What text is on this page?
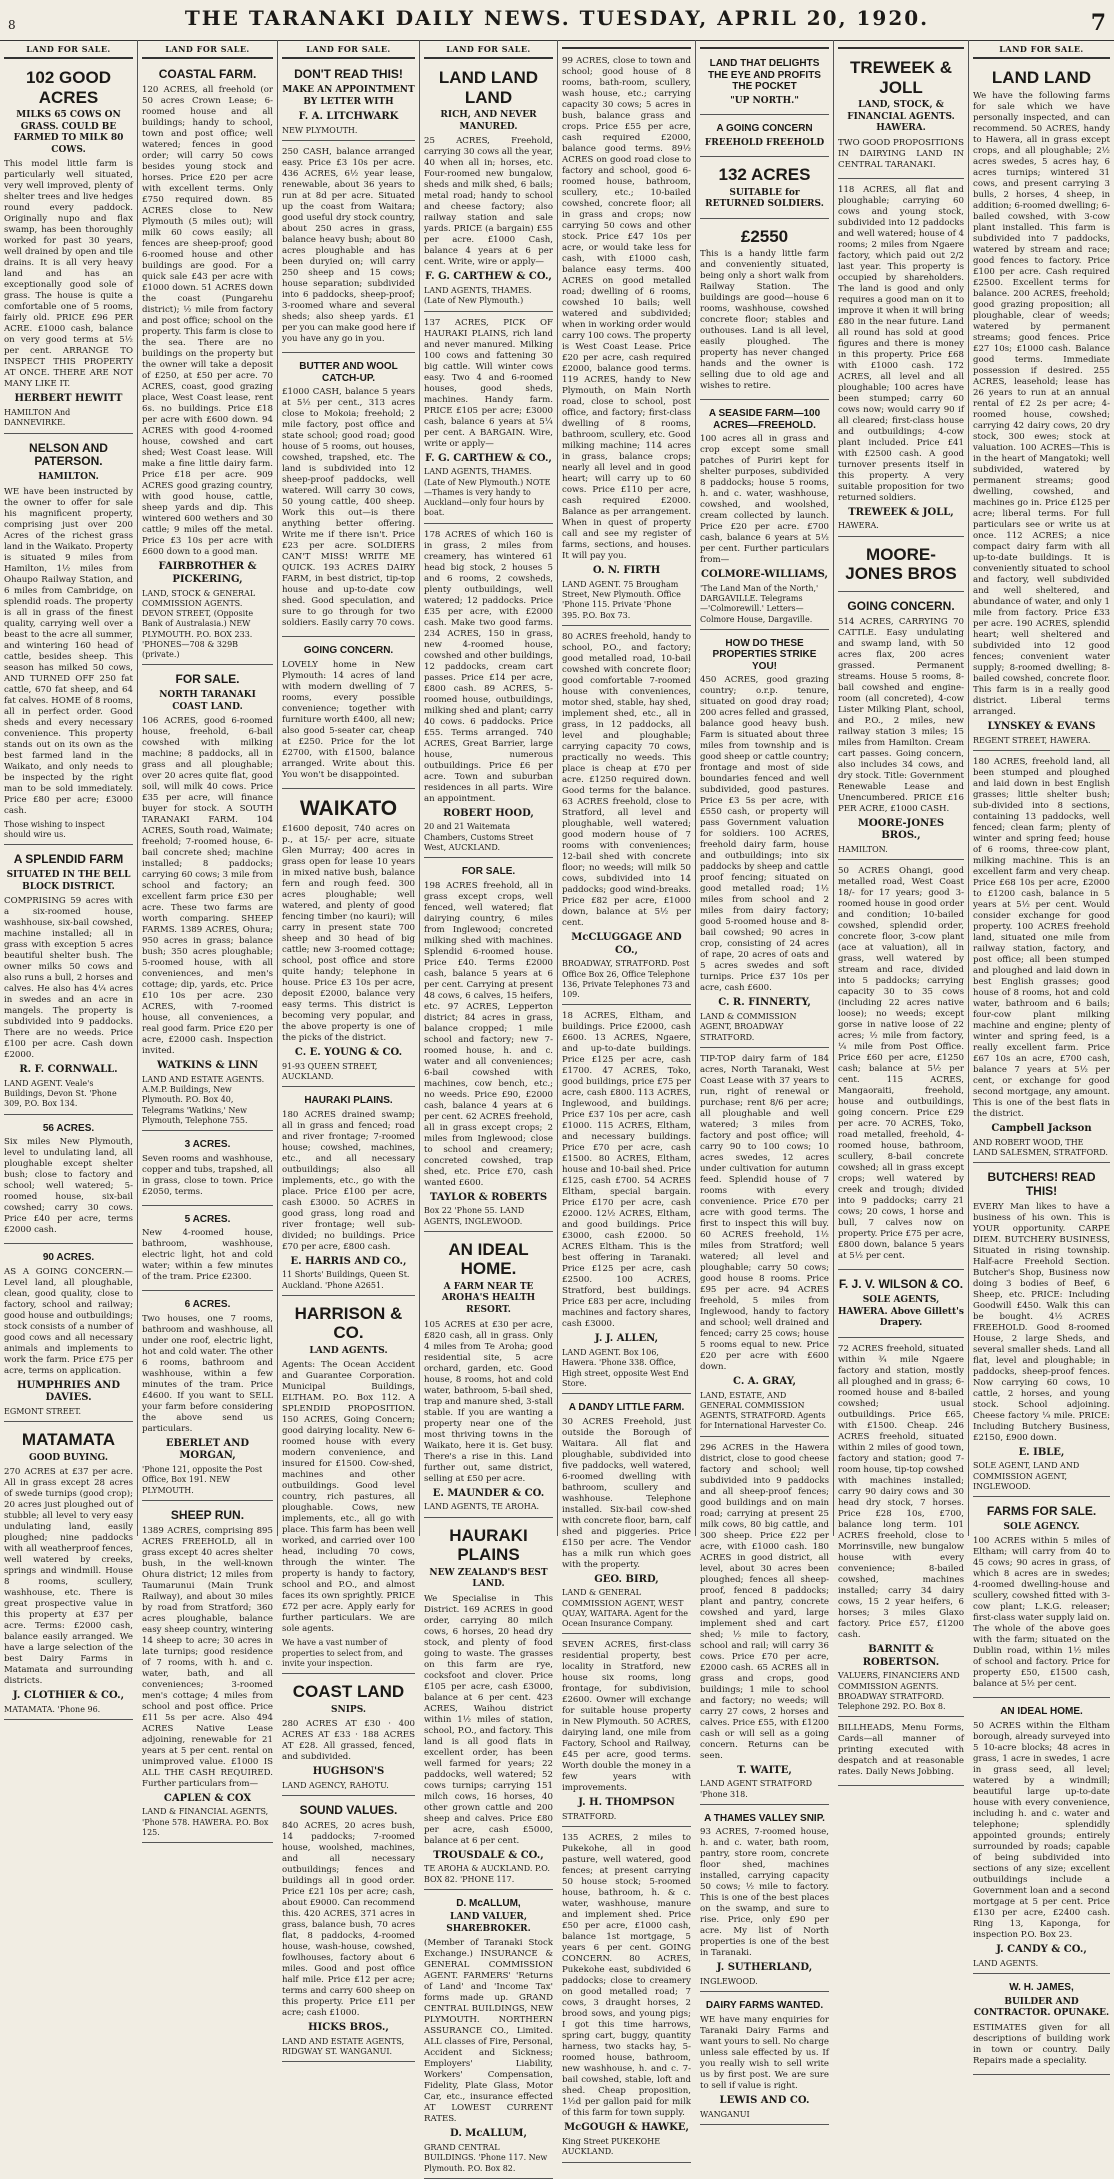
8	THE TARANAKI DAILY NEWS. TUESDAY, APRIL 20, 1920.	7
LAND FOR SALE.
102 GOOD ACRES
MILKS 65 COWS ON GRASS. COULD BE FARMED TO MILK 80 COWS.
This model little farm is particularly well situated, very well improved, plenty of shelter trees and live hedges round every paddock. Originally nupo and flax swamp, has been thoroughly worked for past 30 years, well drained by open and tile drains. It is all very heavy land and has an exceptionally good sole of grass. The house is quite a comfortable one of 5 rooms, fairly old. PRICE £96 PER ACRE. £1000 cash, balance on very good terms at 5½ per cent. ARRANGE TO INSPECT THIS PROPERTY AT ONCE. THERE ARE NOT MANY LIKE IT.
HERBERT HEWITT
HAMILTON And DANNEVIRKE.
NELSON AND PATERSON.
HAMILTON.
WE have been instructed by the owner to offer for sale his magnificent property, comprising just over 200 Acres of the richest grass land in the Waikato. Property is situated 9 miles from Hamilton, 1½ miles from Ohaupo Railway Station, and 6 miles from Cambridge, on splendid roads. The property is all in grass of the finest quality, carrying well over a beast to the acre all summer, and wintering 160 head of cattle, besides sheep. This season has milked 50 cows, AND TURNED OFF 250 fat cattle, 670 fat sheep, and 64 fat calves. HOME of 8 rooms, all in perfect order. Good sheds and every necessary convenience. This property stands out on its own as the best farmed land in the Waikato, and only needs to be inspected by the right man to be sold immediately. Price £80 per acre; £3000 cash.
Those wishing to inspect should wire us.
A SPLENDID FARM
SITUATED IN THE BELL BLOCK DISTRICT.
COMPRISING 59 acres with a six-roomed house, washhouse, six-bail cowshed, machine installed; all in grass with exception 5 acres beautiful shelter bush. The owner milks 50 cows and also runs a bull, 2 horses and calves. He also has 4¼ acres in swedes and an acre in mangels. The property is subdivided into 9 paddocks. There are no weeds. Price £100 per acre. Cash down £2000.
R. F. CORNWALL.
LAND AGENT. Veale's Buildings, Devon St. 'Phone 309, P.O. Box 134.
56 ACRES.
Six miles New Plymouth, level to undulating land, all ploughable except shelter bush; close to factory and school; well watered; 5-roomed house, six-bail cowshed; carry 30 cows. Price £40 per acre, terms £2000 cash.
90 ACRES.
AS A GOING CONCERN.—Level land, all ploughable, clean, good quality, close to factory, school and railway; good house and outbuildings; stock consists of a number of good cows and all necessary animals and implements to work the farm. Price £75 per acre, terms on application.
HUMPHRIES AND DAVIES.
EGMONT STREET.
MATAMATA
GOOD BUYING.
270 ACRES at £37 per acre. All in grass except 28 acres of swede turnips (good crop); 20 acres just ploughed out of stubble; all level to very easy undulating land, easily ploughed; nine paddocks with all weatherproof fences, well watered by creeks, springs and windmill. House 8 rooms, scullery, washhouse, etc. There is great prospective value in this property at £37 per acre. Terms: £2000 cash, balance easily arranged. We have a large selection of the best Dairy Farms in Matamata and surrounding districts.
J. CLOTHIER & CO.,
MATAMATA. 'Phone 96.
LAND FOR SALE.
COASTAL FARM.
120 ACRES, all freehold (or 50 acres Crown Lease; 6-roomed house and all buildings; handy to school, town and post office; well watered; fences in good order; will carry 50 cows besides young stock and horses. Price £20 per acre with excellent terms. Only £750 required down. 85 ACRES close to New Plymouth (5 miles out); will milk 60 cows easily; all fences are sheep-proof; good 6-roomed house and other buildings are good. For a quick sale £43 per acre with £1000 down. 51 ACRES down the coast (Pungarehu district); ½ mile from factory and post office; school on the property. This farm is close to the sea. There are no buildings on the property but the owner will take a deposit of £250, at £50 per acre. 70 ACRES, coast, good grazing place, West Coast lease, rent 6s. no buildings. Price £18 per acre with £600 down. 94 ACRES with good 4-roomed house, cowshed and cart shed; West Coast lease. Will make a fine little dairy farm. Price £18 per acre. 909 ACRES good grazing country, with good house, cattle, sheep yards and dip. This wintered 600 wethers and 30 cattle; 9 miles off the metal. Price £3 10s per acre with £600 down to a good man.
FAIRBROTHER & PICKERING,
LAND, STOCK & GENERAL COMMISSION AGENTS. DEVON STREET, (Opposite Bank of Australasia.) NEW PLYMOUTH. P.O. BOX 233. 'PHONES—708 & 329B (private.)
FOR SALE.
NORTH TARANAKI COAST LAND.
106 ACRES, good 6-roomed house, freehold, 6-bail cowshed with milking machine; 8 paddocks, all in grass and all ploughable; over 20 acres quite flat, good soil, will milk 40 cows. Price £35 per acre, will finance buyer for stock. A SOUTH TARANAKI FARM. 104 ACRES, South road, Waimate; freehold; 7-roomed house, 6-bail concrete shed; machine installed; 8 paddocks; carrying 60 cows; 3 mile from school and factory; an excellent farm price £30 per acre. These two farms are worth comparing. SHEEP FARMS. 1389 ACRES, Ohura; 950 acres in grass; balance bush; 350 acres ploughable; 5-roomed house, with all conveniences, and men's cottage; dip, yards, etc. Price £10 10s per acre. 230 ACRES, with 7-roomed house, all conveniences, a real good farm. Price £20 per acre, £2000 cash. Inspection invited.
WATKINS & LINN
LAND AND ESTATE AGENTS. A.M.P. Buildings, New Plymouth. P.O. Box 40, Telegrams 'Watkins,' New Plymouth, Telephone 755.
3 ACRES.
Seven rooms and washhouse, copper and tubs, trapshed, all in grass, close to town. Price £2050, terms.
5 ACRES.
New 4-roomed house, bathroom, washhouse, electric light, hot and cold water; within a few minutes of the tram. Price £2300.
6 ACRES.
Two houses, one 7 rooms, bathroom and washhouse, all under one roof, electric light, hot and cold water. The other 6 rooms, bathroom and washhouse, within a few minutes of the tram. Price £4600. If you want to SELL your farm before considering the above send us particulars.
EBERLET AND MORGAN,
'Phone 121, opposite the Post Office, Box 191. NEW PLYMOUTH.
SHEEP RUN.
1389 ACRES, comprising 895 ACRES FREEHOLD, all in grass except 40 acres shelter bush, in the well-known Ohura district; 12 miles from Taumarunui (Main Trunk Railway), and about 30 miles by road from Stratford; 360 acres ploughable, balance easy sheep country, wintering 14 sheep to acre; 30 acres in late turnips; good residence of 7 rooms, with h. and c. water, bath, and all conveniences; 3-roomed men's cottage; 4 miles from school and post office. Price £11 5s per acre. Also 494 ACRES Native Lease adjoining, renewable for 21 years at 5 per cent. rental on unimproved value. £1000 IS ALL THE CASH REQUIRED. Further particulars from—
CAPLEN & COX
LAND & FINANCIAL AGENTS, 'Phone 578. HAWERA. P.O. Box 125.
LAND FOR SALE.
DON'T READ THIS!
MAKE AN APPOINTMENT BY LETTER WITH
F. A. LITCHWARK
NEW PLYMOUTH.
250 CASH, balance arranged easy. Price £3 10s per acre. 436 ACRES, 6½ year lease, renewable, about 36 years to run at 8d per acre. Situated up the coast from Waitara; good useful dry stock country, about 250 acres in grass, balance heavy bush; about 80 acres ploughable and has been duryied on; will carry 250 sheep and 15 cows; house separation; subdivided into 6 paddocks, sheep-proof; 3-roomed whare and several sheds; also sheep yards. £1 per you can make good here if you have any go in you.
BUTTER AND WOOL CATCH-UP.
£1000 CASH, balance 5 years at 5½ per cent., 313 acres close to Mokoia; freehold; 2 mile factory, post office and state school; good road; good house of 5 rooms, out houses, cowshed, trapshed, etc. The land is subdivided into 12 sheep-proof paddocks, well watered. Will carry 30 cows, 50 young cattle, 400 sheep. Work this out—is there anything better offering. Write me if there isn't. Price £23 per acre. SOLDIERS CAN'T MISS! WRITE ME QUICK. 193 ACRES DAIRY FARM, in best district, tip-top house and up-to-date cow shed. Good speculation, and sure to go through for two soldiers. Easily carry 70 cows.
GOING CONCERN.
LOVELY home in New Plymouth: 14 acres of land with modern dwelling of 7 rooms, every possible convenience; together with furniture worth £400, all new; also good 5-seater car, cheap at £250. Price for the lot £2700, with £1500, balance arranged. Write about this. You won't be disappointed.
WAIKATO
£1600 deposit, 740 acres on p., at 15/- per acre, situate Glen Murray; 400 acres in grass open for lease 10 years in mixed native bush, balance fern and rough feed. 300 acres ploughable; well watered, and plenty of good fencing timber (no kauri); will carry in present state 700 sheep and 30 head of big cattle; new 3-roomed cottage; school, post office and store quite handy; telephone in house. Price £3 10s per acre, deposit £2000, balance very easy terms. This district is becoming very popular, and the above property is one of the picks of the district.
C. E. YOUNG & CO.
91-93 QUEEN STREET, AUCKLAND.
HAURAKI PLAINS.
180 ACRES drained swamp; all in grass and fenced; road and river frontage; 7-roomed house; cowshed, machines, etc., and all necessary outbuildings; also all implements, etc., go with the place. Price £100 per acre, cash £3000. 50 ACRES in good grass, long road and river frontage; well sub-divided; no buildings. Price £70 per acre, £800 cash.
E. HARRIS AND CO.,
11 Shorts' Buildings, Queen St. Auckland. 'Phone A2651.
HARRISON & CO.
LAND AGENTS.
Agents: The Ocean Accident and Guarantee Corporation. Municipal Buildings, ELTHAM. P.O. Box 112. A SPLENDID PROPOSITION. 150 ACRES, Going Concern; good dairying locality. New 6-roomed house with every modern convenience, and insured for £1500. Cow-shed, machines and other outbuildings. Good level country, rich pastures, all ploughable. Cows, new implements, etc., all go with place. This farm has been well worked, and carried over 100 head, including 70 cows, through the winter. The property is handy to factory, school and P.O., and almost faces its own sprightly. PRICE £72 per acre. Apply early for further particulars. We are sole agents.
We have a vast number of properties to select from, and invite your inspection.
COAST LAND
SNIPS.
280 ACRES AT £30 · 400 ACRES AT £33 · 188 ACRES AT £28. All grassed, fenced, and subdivided.
HUGHSON'S
LAND AGENCY, RAHOTU.
SOUND VALUES.
840 ACRES, 20 acres bush, 14 paddocks; 7-roomed house, woolshed, machines, and all necessary outbuildings; fences and buildings all in good order. Price £21 10s per acre; cash, about £9000. Can recommend this. 420 ACRES, 371 acres in grass, balance bush, 70 acres flat, 8 paddocks, 4-roomed house, wash-house, cowshed, fowlhouses, factory about 6 miles. Good and post office half mile. Price £12 per acre; terms and carry 600 sheep on this property. Price £11 per acre; cash £1000.
HICKS BROS.,
LAND AND ESTATE AGENTS, RIDGWAY ST. WANGANUI.
LAND FOR SALE.
LAND LAND LAND
RICH, AND NEVER MANURED.
25 ACRES, Freehold, carrying 30 cows all the year, 40 when all in; horses, etc. Four-roomed new bungalow, sheds and milk shed, 6 bails; metal road; handy to school and cheese factory; also railway station and sale yards. PRICE (a bargain) £55 per acre. £1000 Cash, balance 4 years at 6 per cent. Write, wire or apply—
F. G. CARTHEW & CO.,
LAND AGENTS, THAMES. (Late of New Plymouth.)
137 ACRES, PICK OF HAURAKI PLAINS, rich land and never manured. Milking 100 cows and fattening 30 big cattle. Will winter cows easy. Two 4 and 6-roomed houses, good sheds, machines. Handy farm. PRICE £105 per acre; £3000 cash, balance 6 years at 5¼ per cent. A BARGAIN. Wire, write or apply—
F. G. CARTHEW & CO.,
LAND AGENTS, THAMES. (Late of New Plymouth.) NOTE—Thames is very handy to Auckland—only four hours by boat.
178 ACRES of which 160 is in grass, 2 miles from creamery, has wintered 61 head big stock, 2 houses 5 and 6 rooms, 2 cowsheds, plenty outbuildings, well watered; 12 paddocks. Price £35 per acre, with £2000 cash. Make two good farms. 234 ACRES, 150 in grass, new 4-roomed house, cowshed and other buildings, 12 paddocks, cream cart passes. Price £14 per acre, £800 cash. 89 ACRES, 5-roomed house, outbuildings, milking shed and plant; carry 40 cows. 6 paddocks. Price £55. Terms arranged. 740 ACRES, Great Barrier, large house, numerous outbuildings. Price £6 per acre. Town and suburban residences in all parts. Wire an appointment.
ROBERT HOOD,
20 and 21 Waitemata Chambers, Customs Street West, AUCKLAND.
FOR SALE.
198 ACRES freehold, all in grass except crops, well fenced, well watered; flat dairying country, 6 miles from Inglewood; concreted milking shed with machines. Splendid 6-roomed house. Price £40. Terms £2000 cash, balance 5 years at 6 per cent. Carrying at present 48 cows, 6 calves, 15 heifers, etc. 97 ACRES, Lepperton district; 84 acres in grass, balance cropped; 1 mile school and factory; new 7-roomed house, h. and c. water and all conveniences; 6-bail cowshed with machines, cow bench, etc.; no weeds. Price £90, £2000 cash, balance 4 years at 6 per cent. 62 ACRES freehold, all in grass except crops; 2 miles from Inglewood; close to school and creamery; concreted cowshed, trap shed, etc. Price £70, cash wanted £600.
TAYLOR & ROBERTS
Box 22 'Phone 55. LAND AGENTS, INGLEWOOD.
AN IDEAL HOME.
A FARM NEAR TE AROHA'S HEALTH RESORT.
105 ACRES at £30 per acre, £820 cash, all in grass. Only 4 miles from Te Aroha; good residential site, 5 acre orchard, garden, etc. Good house, 8 rooms, hot and cold water, bathroom, 5-bail shed, trap and manure shed, 3-stall stable. If you are wanting a property near one of the most thriving towns in the Waikato, here it is. Get busy. There's a rise in this. Land further out, same district, selling at £50 per acre.
E. MAUNDER & CO.
LAND AGENTS, TE AROHA.
HAURAKI PLAINS
NEW ZEALAND'S BEST LAND.
We Specialise in This District. 169 ACRES in good order, carrying 80 milch cows, 6 horses, 20 head dry stock, and plenty of food going to waste. The grasses on this farm are rye, cocksfoot and clover. Price £105 per acre, cash £3000, balance at 6 per cent. 423 ACRES, Waihou district within 1½ miles of station, school, P.O., and factory. This land is all good flats in excellent order, has been well farmed for years; 22 paddocks, well watered; 52 cows turnips; carrying 151 milch cows, 16 horses, 40 other grown cattle and 200 sheep and calves. Price £80 per acre, cash £5000, balance at 6 per cent.
TROUSDALE & CO.,
TE AROHA & AUCKLAND. P.O. BOX 82. 'PHONE 117.
D. McALLUM,
LAND VALUER, SHAREBROKER.
(Member of Taranaki Stock Exchange.) INSURANCE & GENERAL COMMISSION AGENT. FARMERS' 'Returns of Land' and 'Income Tax' forms made up. GRAND CENTRAL BUILDINGS, NEW PLYMOUTH. NORTHERN ASSURANCE CO., Limited. ALL classes of Fire, Personal, Accident and Sickness; Employers' Liability, Workers' Compensation, Fidelity, Plate Glass, Motor Car, etc., insurance effected AT LOWEST CURRENT RATES.
D. McALLUM,
GRAND CENTRAL BUILDINGS. 'Phone 117. New Plymouth. P.O. Box 82.
99 ACRES, close to town and school; good house of 8 rooms, bath-room, scullery, wash house, etc.; carrying capacity 30 cows; 5 acres in bush, balance grass and crops. Price £55 per acre, cash required £2000, balance good terms. 89½ ACRES on good road close to factory and school, good 6-roomed house, bathroom, scullery, etc.; 10-bailed cowshed, concrete floor; all in grass and crops; now carrying 50 cows and other stock. Price £47 10s per acre, or would take less for cash, with £1000 cash, balance easy terms. 400 ACRES on good metalled road; dwelling of 6 rooms, cowshed 10 bails; well watered and subdivided; when in working order would carry 100 cows. The property is West Coast Lease. Price £20 per acre, cash required £2000, balance good terms. 119 ACRES, handy to New Plymouth, on Main North road, close to school, post office, and factory; first-class dwelling of 8 rooms, bathroom, scullery, etc. Good milking machine; 114 acres in grass, balance crops; nearly all level and in good heart; will carry up to 60 cows. Price £110 per acre, cash required £2000. Balance as per arrangement. When in quest of property call and see my register of farms, sections, and houses. It will pay you.
O. N. FIRTH
LAND AGENT. 75 Brougham Street, New Plymouth. Office 'Phone 115. Private 'Phone 395. P.O. Box 73.
80 ACRES freehold, handy to school, P.O., and factory; good metalled road, 10-bail cowshed with concrete floor; good comfortable 7-roomed house with conveniences, motor shed, stable, hay shed, implement shed, etc., all in grass, in 12 paddocks, all level and ploughable; carrying capacity 70 cows, practically no weeds. This place is cheap at £70 per acre. £1250 required down. Good terms for the balance. 63 ACRES freehold, close to Stratford, all level and ploughable, well watered; good modern house of 7 rooms with conveniences; 12-bail shed with concrete floor; no weeds; will milk 50 cows, subdivided into 14 paddocks; good wind-breaks. Price £82 per acre, £1000 down, balance at 5½ per cent.
McCLUGGAGE AND CO.,
BROADWAY, STRATFORD. Post Office Box 26, Office Telephone 136, Private Telephones 73 and 109.
18 ACRES, Eltham, and buildings. Price £2000, cash £600. 13 ACRES, Ngaere, and up-to-date buildings. Price £125 per acre, cash £1700. 47 ACRES, Toko, good buildings, price £75 per acre, cash £800. 113 ACRES, Inglewood, and buildings. Price £37 10s per acre, cash £1000. 115 ACRES, Eltham, and necessary buildings. Price £70 per acre, cash £1500. 80 ACRES, Eltham, house and 10-bail shed. Price £125, cash £700. 54 ACRES Eltham, special bargain. Price £170 per acre, cash £2000. 12½ ACRES, Eltham, and good buildings. Price £3000, cash £2000. 50 ACRES Eltham. This is the best offering in Taranaki. Price £125 per acre, cash £2500. 100 ACRES, Stratford, best buildings. Price £83 per acre, including machines and factory shares, cash £3000.
J. J. ALLEN,
LAND AGENT. Box 106, Hawera. 'Phone 338. Office, High street, opposite West End Store.
A DANDY LITTLE FARM.
30 ACRES Freehold, just outside the Borough of Waitara. All flat and ploughable, subdivided into five paddocks, well watered, 6-roomed dwelling with bathroom, scullery and washhouse. Telephone installed. Six-bail cow-shed with concrete floor, barn, calf shed and piggeries. Price £150 per acre. The Vendor has a milk run which goes with the property.
GEO. BIRD,
LAND & GENERAL COMMISSION AGENT, WEST QUAY, WAITARA. Agent for the Ocean Insurance Company.
SEVEN ACRES, first-class residential property, best locality in Stratford, new house six rooms, long frontage, for subdivision, £2600. Owner will exchange for suitable house property in New Plymouth. 50 ACRES, dairying land, one mile from Factory, School and Railway, £45 per acre, good terms. Worth double the money in a few years with improvements.
J. H. THOMPSON
STRATFORD.
135 ACRES, 2 miles to Pukekohe, all in good pasture, well watered, good fences; at present carrying 50 house stock; 5-roomed house, bathroom, h. & c. water, washhouse, manure and implement shed. Price £50 per acre, £1000 cash, balance 1st mortgage, 5 years 6 per cent. GOING CONCERN. 80 ACRES, Pukekohe east, subdivided 6 paddocks; close to creamery on good metalled road; 7 cows, 3 draught horses, 2 brood sows, and young pigs; I got this time harrows, spring cart, buggy, quantity harness, two stacks hay, 5-roomed house, bathroom, new washhouse, h. and c. 7-bail cowshed, stable, loft and shed. Cheap proposition, 1½d per gallon paid for milk of this farm for town supply.
McGOUGH & HAWKE,
King Street PUKEKOHE AUCKLAND.
LAND THAT DELIGHTS THE EYE AND PROFITS THE POCKET
"UP NORTH."
A GOING CONCERN
FREEHOLD FREEHOLD
132 ACRES
SUITABLE for RETURNED SOLDIERS.
£2550
This is a handy little farm and conveniently situated, being only a short walk from Railway Station. The buildings are good—house 6 rooms, washhouse, cowshed concrete floor; stables and outhouses. Land is all level, easily ploughed. The property has never changed hands and the owner is selling due to old age and wishes to retire.
A SEASIDE FARM—100 ACRES—FREEHOLD.
100 acres all in grass and crop except some small patches of Puriri kept for shelter purposes, subdivided 8 paddocks; house 5 rooms, h. and c. water, washhouse, cowshed, and woolshed, cream collected by launch. Price £20 per acre. £700 cash, balance 6 years at 5½ per cent. Further particulars from—
COLMORE-WILLIAMS,
'The Land Man of the North,' DARGAVILLE. Telegrams—'Colmorewill.' Letters—Colmore House, Dargaville.
HOW DO THESE PROPERTIES STRIKE YOU!
450 ACRES, good grazing country; o.r.p. tenure, situated on good dray road; 200 acres felled and grassed, balance good heavy bush. Farm is situated about three miles from township and is good sheep or cattle country; frontage and most of side boundaries fenced and well subdivided, good pastures. Price £3 5s per acre, with £550 cash, or property will pass Government valuation for soldiers. 100 ACRES, freehold dairy farm, house and outbuildings; into six paddocks by sheep and cattle proof fencing; situated on good metalled road; 1½ miles from school and 2 miles from dairy factory; good 5-roomed house and 8-bail cowshed; 90 acres in crop, consisting of 24 acres of rape, 20 acres of oats and 5 acres swedes and soft turnips. Price £37 10s per acre, cash £600.
C. R. FINNERTY,
LAND & COMMISSION AGENT, BROADWAY STRATFORD.
TIP-TOP dairy farm of 184 acres, North Taranaki, West Coast Lease with 37 years to run, right of renewal or purchase; rent 8/6 per acre; all ploughable and well watered; 3 miles from factory and post office; will carry 90 to 100 cows; 10 acres swedes, 12 acres under cultivation for autumn feed. Splendid house of 7 rooms with every convenience. Price £70 per acre with good terms. The first to inspect this will buy. 60 ACRES freehold, 1½ miles from Stratford; well watered; all level and ploughable; carry 50 cows; good house 8 rooms. Price £95 per acre. 94 ACRES freehold, 5 miles from Inglewood, handy to factory and school; well drained and fenced; carry 25 cows; house 5 rooms equal to new. Price £20 per acre with £600 down.
C. A. GRAY,
LAND, ESTATE, AND GENERAL COMMISSION AGENTS, STRATFORD. Agents for International Harvester Co.
296 ACRES in the Hawera district, close to good cheese factory and school; well subdivided into 9 paddocks and all sheep-proof fences; good buildings and on main road; carrying at present 25 milk cows, 80 big cattle, and 300 sheep. Price £22 per acre, with £1000 cash. 180 ACRES in good district, all level, about 30 acres been ploughed; fences all sheep-proof, fenced 8 paddocks; plant and pantry, concrete cowshed and yard, large implement shed and cart shed; ½ mile to factory, school and rail; will carry 36 cows. Price £70 per acre, £2000 cash. 65 ACRES all in grass and crops, good buildings; 1 mile to school and factory; no weeds; will carry 27 cows, 2 horses and calves. Price £55, with £1200 cash or will sell as a going concern. Returns can be seen.
T. WAITE,
LAND AGENT STRATFORD 'Phone 318.
A THAMES VALLEY SNIP.
93 ACRES, 7-roomed house, h. and c. water, bath room, pantry, store room, concrete floor shed, machines installed, carrying capacity 50 cows; ½ mile to factory. This is one of the best places on the swamp, and sure to rise. Price, only £90 per acre. My list of North properties is one of the best in Taranaki.
J. SUTHERLAND,
INGLEWOOD.
DAIRY FARMS WANTED.
WE have many enquiries for Taranaki Dairy Farms and want yours to sell. No charge unless sale effected by us. If you really wish to sell write us by first post. We are sure to sell if value is right.
LEWIS AND CO.
WANGANUI
TREWEEK & JOLL
LAND, STOCK, & FINANCIAL AGENTS. HAWERA.
TWO GOOD PROPOSITIONS IN DAIRYING LAND IN CENTRAL TARANAKI.
118 ACRES, all flat and ploughable; carrying 60 cows and young stock, subdivided into 12 paddocks and well watered; house of 4 rooms; 2 miles from Ngaere factory, which paid out 2/2 last year. This property is occupied by shareholders. The land is good and only requires a good man on it to improve it when it will bring £80 in the near future. Land all round has sold at good figures and there is money in this property. Price £68 with £1000 cash. 172 ACRES, all level and all ploughable; 100 acres have been stumped; carry 60 cows now; would carry 90 if all cleared; first-class house and outbuildings; 4-cow plant included. Price £41 with £2500 cash. A good turnover presents itself in this property. A very suitable proposition for two returned soldiers.
TREWEEK & JOLL,
HAWERA.
MOORE-JONES BROS
GOING CONCERN.
514 ACRES, CARRYING 70 CATTLE. Easy undulating and swamp land, with 50 acres flax, 200 acres grassed. Permanent streams. House 5 rooms, 8-bail cowshed and engine-room (all concreted), 4-cow Lister Milking Plant, school, and P.O., 2 miles, new railway station 3 miles; 15 miles from Hamilton. Cream cart passes. Going concern, also includes 34 cows, and dry stock. Title: Government Renewable Lease and Unencumbered. PRICE £16 PER ACRE, £1000 CASH.
MOORE-JONES BROS.,
HAMILTON.
50 ACRES Ohangi, good metalled road, West Coast 18/- for 17 years; good 3-roomed house in good order and condition; 10-bailed cowshed, splendid order, concrete floor, 3-cow plant (ace at valuation), all in grass, well watered by stream and race, divided into 5 paddocks; carrying capacity 30 to 35 cows (including 22 acres native loose); no weeds; except gorse in native loose of 22 acres; ½ mile from factory, ¼ mile from Post Office. Price £60 per acre, £1250 cash; balance at 5½ per cent. 115 ACRES, Mangaoraiti, freehold, house and outbuildings, going concern. Price £29 per acre. 70 ACRES, Toko, road metalled, freehold, 4-roomed house, bathroom, scullery, 8-bail concrete cowshed; all in grass except crops; well watered by creek and trough; divided into 9 paddocks; carry 21 cows; 20 cows, 1 horse and bull, 7 calves now on property. Price £75 per acre, £800 down, balance 5 years at 5½ per cent.
F. J. V. WILSON & CO.
SOLE AGENTS, HAWERA. Above Gillett's Drapery.
72 ACRES freehold, situated within ¾ mile Ngaere factory and station, mostly all ploughed and in grass; 6-roomed house and 8-bailed cowshed; usual outbuildings. Price £65, with £1500. Cheap. 246 ACRES freehold, situated within 2 miles of good town, factory and station; good 7-room house, tip-top cowshed with machines installed; carry 90 dairy cows and 30 head dry stock, 7 horses. Price £28 10s, £700, balance long term. 101 ACRES freehold, close to Morrinsville, new bungalow house with every convenience; 8-bailed cowshed, machines installed; carry 34 dairy cows, 15 2 year heifers, 6 horses; 3 miles Glaxo factory. Price £57, £1200 cash.
BARNITT & ROBERTSON.
VALUERS, FINANCIERS AND COMMISSION AGENTS. BROADWAY STRATFORD. Telephone 292. P.O. Box 8.
BILLHEADS, Menu Forms, Cards—all manner of printing executed with despatch and at reasonable rates. Daily News Jobbing.
LAND FOR SALE.
LAND LAND
We have the following farms for sale which we have personally inspected, and can recommend. 50 ACRES, handy to Hawera, all in grass except crops, and all ploughable; 2½ acres swedes, 5 acres hay, 6 acres turnips; wintered 31 cows, and present carrying 3 bulls, 2 horses, 4 sheep, in addition; 6-roomed dwelling; 6-bailed cowshed, with 3-cow plant installed. This farm is subdivided into 7 paddocks, watered by stream and race; good fences to factory. Price £100 per acre. Cash required £2500. Excellent terms for balance. 200 ACRES, freehold; good grazing proposition; all ploughable, clear of weeds; watered by permanent streams; good fences. Price £27 10s; £1000 cash. Balance good terms. Immediate possession if desired. 255 ACRES, leasehold; lease has 26 years to run at an annual rental of £2 2s per acre; 4-roomed house, cowshed; carrying 42 dairy cows, 20 dry stock, 300 ewes; stock at valuation. 100 ACRES—This is in the heart of Mangatoki; well subdivided, watered by permanent streams; good dwelling, cowshed, and machines go in. Price £125 per acre; liberal terms. For full particulars see or write us at once. 112 ACRES; a nice compact dairy farm with all up-to-date buildings. It is conveniently situated to school and factory, well subdivided and well sheltered, and abundance of water, and only 1 mile from factory. Price £33 per acre. 190 ACRES, splendid heart; well sheltered and subdivided into 12 good fences; convenient water supply; 8-roomed dwelling; 8-bailed cowshed, concrete floor. This farm is in a really good district. Liberal terms arranged.
LYNSKEY & EVANS
REGENT STREET, HAWERA.
180 ACRES, freehold land, all been stumped and ploughed and laid down in best English grasses; little shelter bush; sub-divided into 8 sections, containing 13 paddocks, well fenced; clean farm; plenty of winter and spring feed; house of 6 rooms, three-cow plant, milking machine. This is an excellent farm and very cheap. Price £68 10s per acre, £2000 to £1200 cash, balance in 5 years at 5½ per cent. Would consider exchange for good property. 100 ACRES freehold land, situated one mile from railway station, factory, and post office; all been stumped and ploughed and laid down in best English grasses; good house of 8 rooms, hot and cold water, bathroom and 6 bails; four-cow plant milking machine and engine; plenty of winter and spring feed, is a really excellent farm. Price £67 10s an acre, £700 cash, balance 7 years at 5½ per cent, or exchange for good second mortgage, any amount. This is one of the best flats in the district.
Campbell Jackson
AND ROBERT WOOD, THE LAND SALESMEN, STRATFORD.
BUTCHERS! READ THIS!
EVERY Man likes to have a business of his own. This is YOUR opportunity. CARPE DIEM. BUTCHERY BUSINESS, Situated in rising township. Half-acre Freehold Section. Butcher's Shop, Business now doing 3 bodies of Beef, 6 Sheep, etc. PRICE: Including Goodwill £450. Walk this can be bought. 4½ ACRES FREEHOLD. Good 8-roomed House, 2 large Sheds, and several smaller sheds. Land all flat, level and ploughable; in paddocks, sheep-proof fences. Now carrying 60 cows, 10 cattle, 2 horses, and young stock. School adjoining. Cheese factory ¼ mile. PRICE: Including Butchery Business, £2150, £900 down.
E. IBLE,
SOLE AGENT, LAND AND COMMISSION AGENT, INGLEWOOD.
FARMS FOR SALE.
SOLE AGENCY.
100 ACRES within 5 miles of Eltham; will carry from 40 to 45 cows; 90 acres in grass, of which 8 acres are in swedes; 4-roomed dwelling-house and scullery, cowshed fitted with 3-cow plant; L.K.G. releaser; first-class water supply laid on. The whole of the above goes with the farm; situated on the Dublin road, within 1½ miles of school and factory. Price for property £50, £1500 cash, balance at 5½ per cent.
AN IDEAL HOME.
50 ACRES within the Eltham borough, already surveyed into 5 10-acre blocks; 48 acres in grass, 1 acre in swedes, 1 acre in grass seed, all level; watered by a windmill; beautiful large up-to-date house with every convenience, including h. and c. water and telephone; splendidly appointed grounds; entirely surrounded by roads; capable of being subdivided into sections of any size; excellent outbuildings include a Government loan and a second mortgage at 5 per cent. Price £130 per acre, £2400 cash. Ring 13, Kaponga, for inspection P.O. Box 23.
J. CANDY & CO.,
LAND AGENTS.
W. H. JAMES,
BUILDER AND CONTRACTOR. OPUNAKE.
ESTIMATES given for all descriptions of building work in town or country. Daily Repairs made a speciality.
